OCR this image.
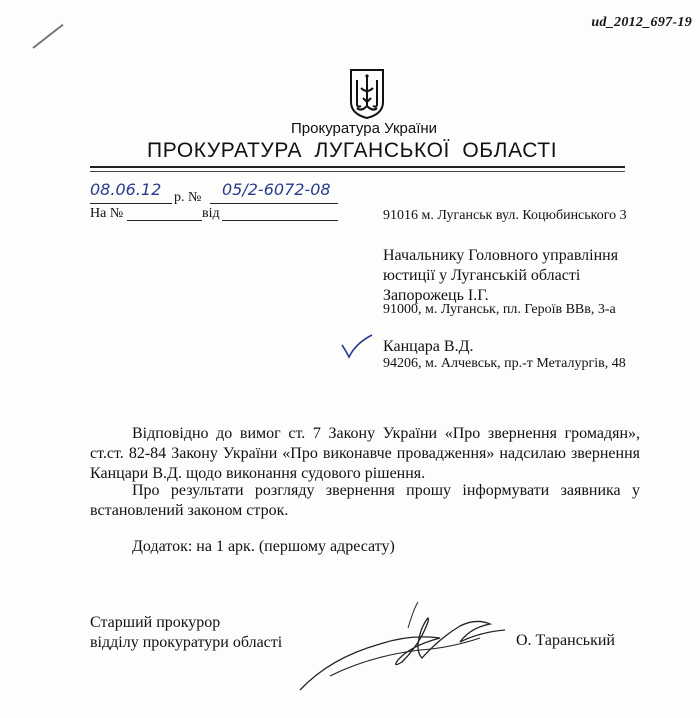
ud_2012_697-19
Прокуратура України
ПРОКУРАТУРА ЛУГАНСЬКОЇ ОБЛАСТІ
08.06.12 р. № 05/2-6072-08
На №	від	91016 м. Луганськ вул. Коцюбинського 3
Начальнику Головного управління
юстиції у Луганській області
Запорожець І.Г.
91000, м. Луганськ, пл. Героїв ВВв, 3-а
Канцара В.Д.
94206, м. Алчевськ, пр.-т Металургів, 48
Відповідно до вимог ст. 7 Закону України «Про звернення громадян», ст.ст. 82-84 Закону України «Про виконавче провадження» надсилаю звернення Канцари В.Д. щодо виконання судового рішення.
Про результати розгляду звернення прошу інформувати заявника у встановлений законом строк.
Додаток: на 1 арк. (першому адресату)
Старший прокурор
відділу прокуратури області	О. Таранський
